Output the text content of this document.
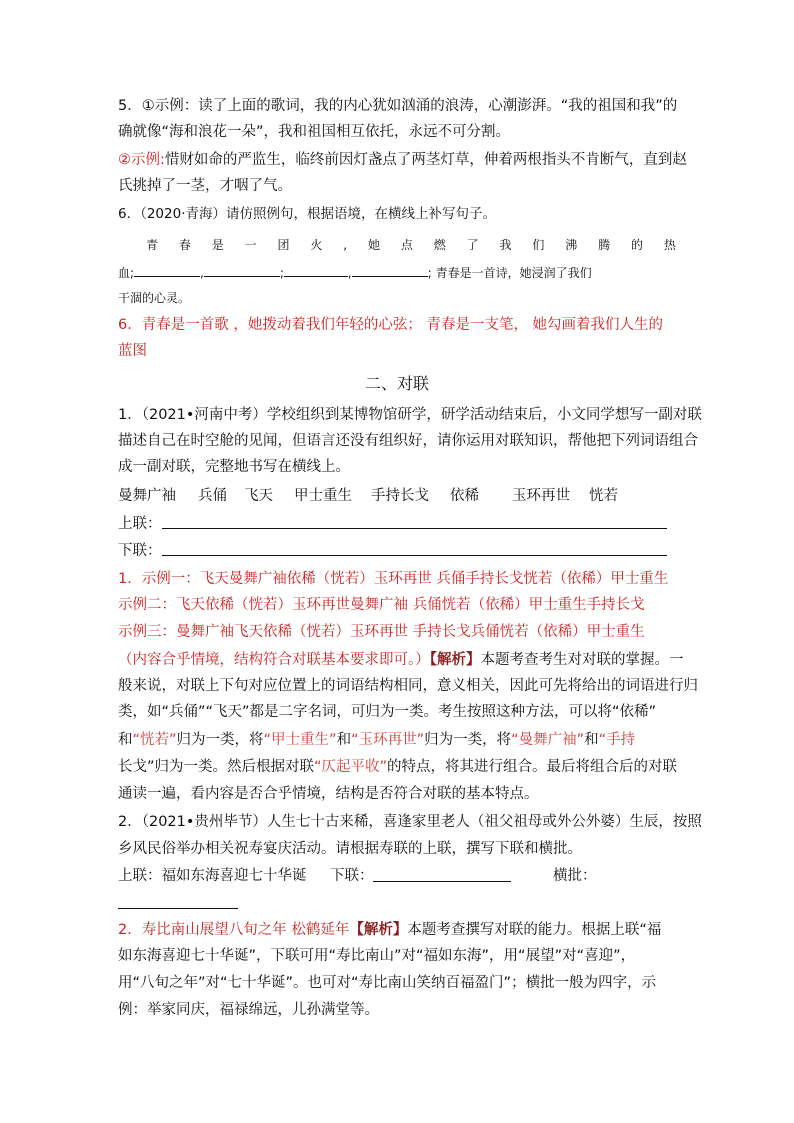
5．①示例：读了上面的歌词，我的内心犹如汹涌的浪涛，心潮澎湃。“我的祖国和我”的
确就像“海和浪花一朵”，我和祖国相互依托，永远不可分割。
②示例:惜财如命的严监生，临终前因灯盏点了两茎灯草，伸着两根指头不肯断气，直到赵
氏挑掉了一茎，才咽了气。
6．（2020·青海）请仿照例句，根据语境，在横线上补写句子。
青 春 是 一 团 火 , 她 点 燃 了 我 们 沸 腾 的 热
血;	,	;	,	; 青春是一首诗，她浸润了我们
干涸的心灵。
6．青春是一首歌 ，她拨动着我们年轻的心弦； 青春是一支笔， 她勾画着我们人生的
蓝图
二、对联
1．（2021•河南中考）学校组织到某博物馆研学，研学活动结束后，小文同学想写一副对联
描述自己在时空舱的见闻，但语言还没有组织好，请你运用对联知识，帮他把下列词语组合
成一副对联，完整地书写在横线上。
曼舞广袖 兵俑 飞天 甲士重生 手持长戈 依稀 玉环再世 恍若
上联：
下联：
1．示例一：飞天曼舞广袖依稀（恍若）玉环再世 兵俑手持长戈恍若（依稀）甲士重生
示例二：飞天依稀（恍若）玉环再世曼舞广袖 兵俑恍若（依稀）甲士重生手持长戈
示例三：曼舞广袖飞天依稀（恍若）玉环再世 手持长戈兵俑恍若（依稀）甲士重生
（内容合乎情境，结构符合对联基本要求即可。）【解析】本题考查考生对对联的掌握。一
般来说，对联上下句对应位置上的词语结构相同，意义相关，因此可先将给出的词语进行归
类，如“兵俑”“飞天”都是二字名词，可归为一类。考生按照这种方法，可以将“依稀”
和“恍若”归为一类，将“甲士重生”和“玉环再世”归为一类，将“曼舞广袖”和“手持
长戈”归为一类。然后根据对联“仄起平收”的特点，将其进行组合。最后将组合后的对联
通读一遍，看内容是否合乎情境，结构是否符合对联的基本特点。
2．（2021•贵州毕节）人生七十古来稀，喜逢家里老人（祖父祖母或外公外婆）生辰，按照
乡风民俗举办相关祝寿宴庆活动。请根据寿联的上联，撰写下联和横批。
上联：福如东海喜迎七十华诞 下联：	横批：
2．寿比南山展望八旬之年 松鹤延年【解析】本题考查撰写对联的能力。根据上联“福
如东海喜迎七十华诞”，下联可用“寿比南山”对“福如东海”，用“展望”对“喜迎”，
用“八旬之年”对“七十华诞”。也可对“寿比南山笑纳百福盈门”；横批一般为四字，示
例：举家同庆，福禄绵远，儿孙满堂等。
